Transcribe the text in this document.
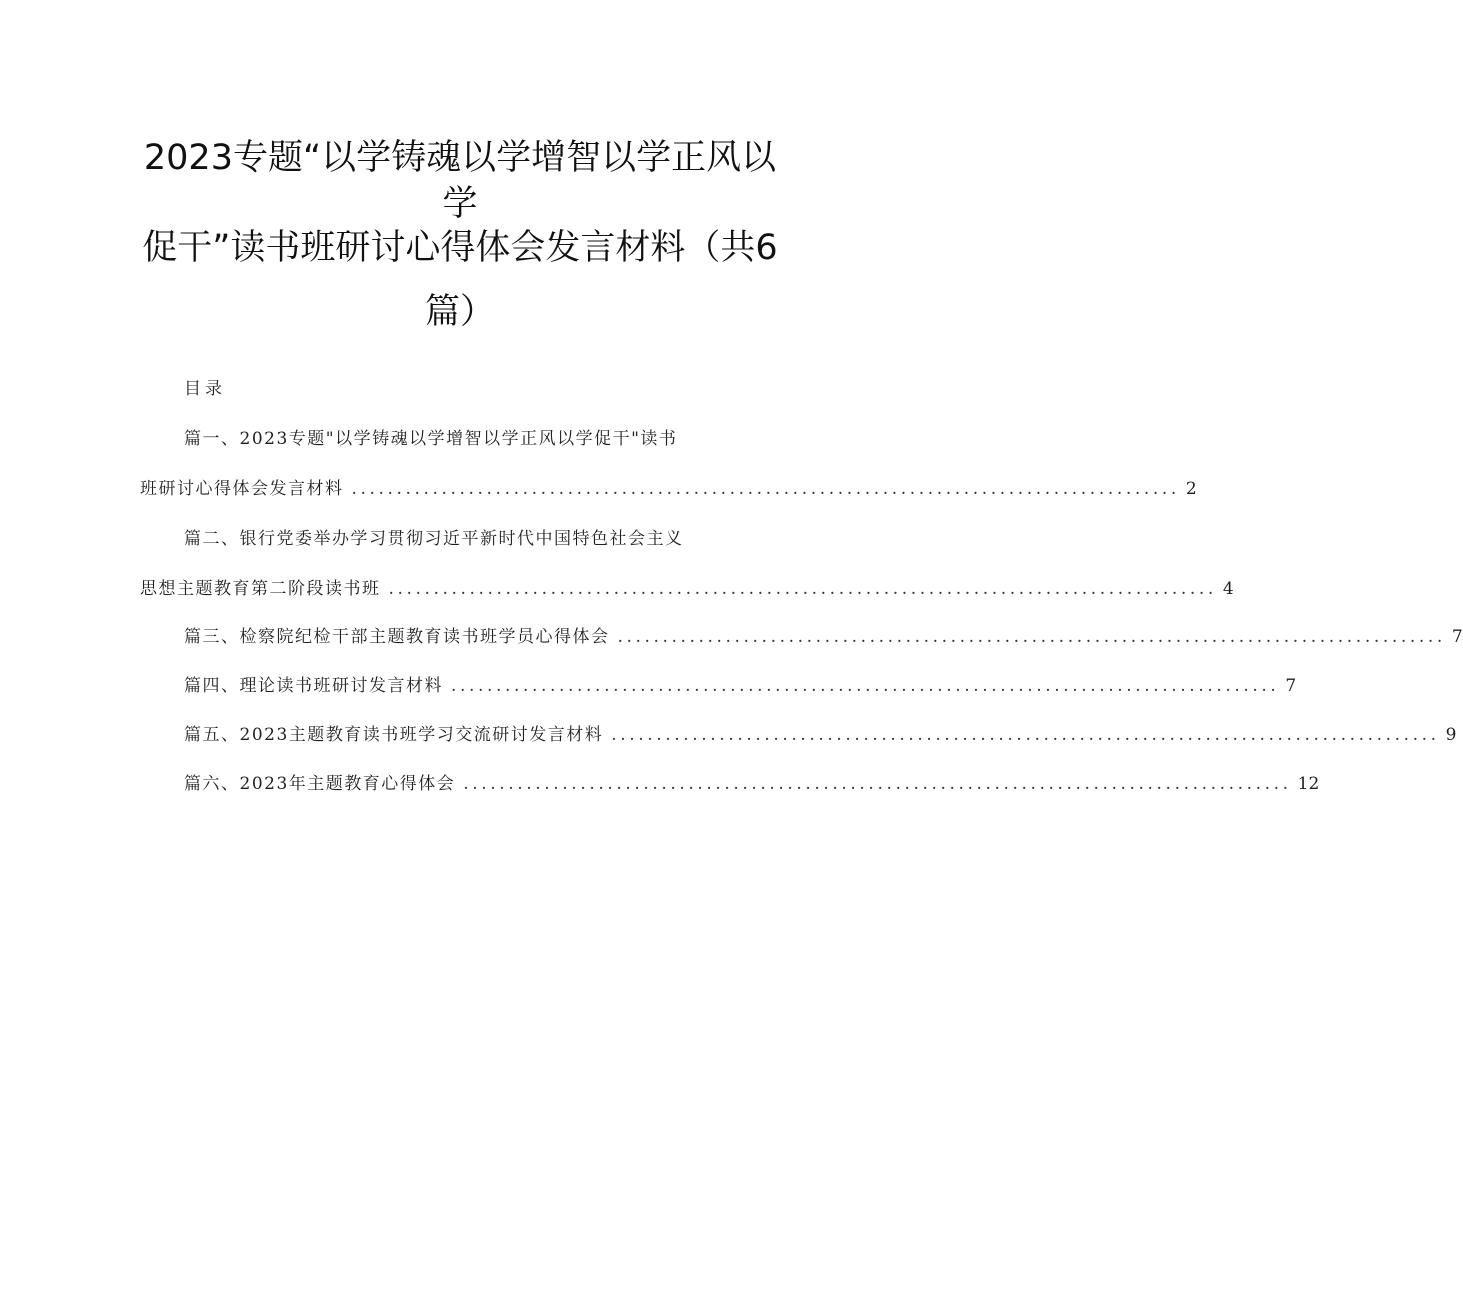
2023专题“以学铸魂以学增智以学正风以
学
促干”读书班研讨心得体会发言材料（共6
篇）
目录
篇一、2023专题"以学铸魂以学增智以学正风以学促干"读书
班研讨心得体会发言材料 ............................................................................................ 2
篇二、银行党委举办学习贯彻习近平新时代中国特色社会主义
思想主题教育第二阶段读书班 ............................................................................................ 4
篇三、检察院纪检干部主题教育读书班学员心得体会 ............................................................................................ 7
篇四、理论读书班研讨发言材料 ............................................................................................ 7
篇五、2023主题教育读书班学习交流研讨发言材料 ............................................................................................ 9
篇六、2023年主题教育心得体会 ............................................................................................ 12
